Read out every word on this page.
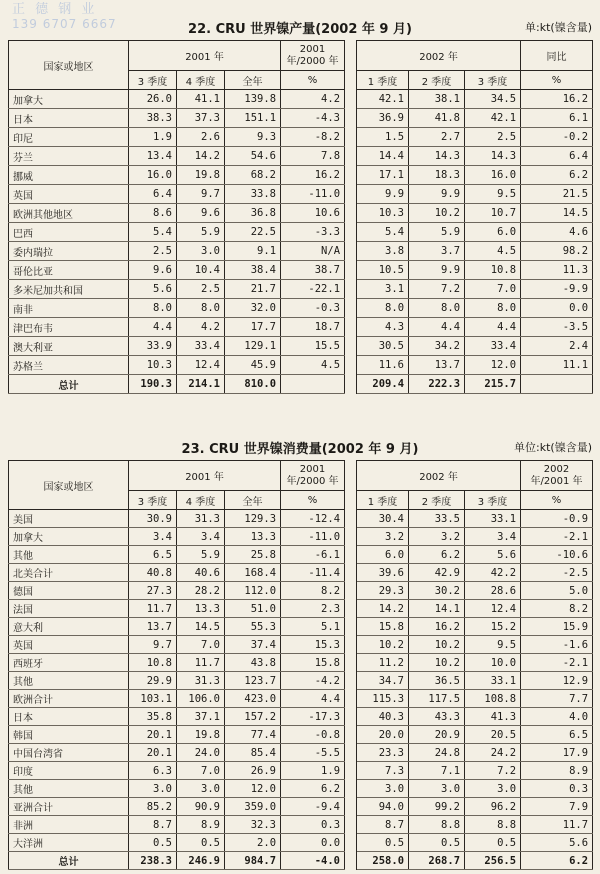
正 德 钢 业
139 6707 6667	22. CRU 世界镍产量(2002 年 9 月)	单:kt(镍含量)
国家或地区	2001 年			2001 年/2000 年		2002 年			同比
	3 季度	4 季度	全年	%		1 季度	2 季度	3 季度	%
加拿大	26.0	41.1	139.8	4.2		42.1	38.1	34.5	16.2
日本	38.3	37.3	151.1	-4.3		36.9	41.8	42.1	6.1
印尼	1.9	2.6	9.3	-8.2		1.5	2.7	2.5	-0.2
芬兰	13.4	14.2	54.6	7.8		14.4	14.3	14.3	6.4
挪威	16.0	19.8	68.2	16.2		17.1	18.3	16.0	6.2
英国	6.4	9.7	33.8	-11.0		9.9	9.9	9.5	21.5
欧洲其他地区	8.6	9.6	36.8	10.6		10.3	10.2	10.7	14.5
巴西	5.4	5.9	22.5	-3.3		5.4	5.9	6.0	4.6
委内瑞拉	2.5	3.0	9.1	N/A		3.8	3.7	4.5	98.2
哥伦比亚	9.6	10.4	38.4	38.7		10.5	9.9	10.8	11.3
多米尼加共和国	5.6	2.5	21.7	-22.1		3.1	7.2	7.0	-9.9
南非	8.0	8.0	32.0	-0.3		8.0	8.0	8.0	0.0
津巴布韦	4.4	4.2	17.7	18.7		4.3	4.4	4.4	-3.5
澳大利亚	33.9	33.4	129.1	15.5		30.5	34.2	33.4	2.4
苏格兰	10.3	12.4	45.9	4.5		11.6	13.7	12.0	11.1
总计	190.3	214.1	810.0			209.4	222.3	215.7	
23. CRU 世界镍消费量(2002 年 9 月)	单位:kt(镍含量)
国家或地区	2001 年			2001 年/2000 年		2002 年			2002 年/2001 年
	3 季度	4 季度	全年	%		1 季度	2 季度	3 季度	%
美国	30.9	31.3	129.3	-12.4		30.4	33.5	33.1	-0.9
加拿大	3.4	3.4	13.3	-11.0		3.2	3.2	3.4	-2.1
其他	6.5	5.9	25.8	-6.1		6.0	6.2	5.6	-10.6
北美合计	40.8	40.6	168.4	-11.4		39.6	42.9	42.2	-2.5
德国	27.3	28.2	112.0	8.2		29.3	30.2	28.6	5.0
法国	11.7	13.3	51.0	2.3		14.2	14.1	12.4	8.2
意大利	13.7	14.5	55.3	5.1		15.8	16.2	15.2	15.9
英国	9.7	7.0	37.4	15.3		10.2	10.2	9.5	-1.6
西班牙	10.8	11.7	43.8	15.8		11.2	10.2	10.0	-2.1
其他	29.9	31.3	123.7	-4.2		34.7	36.5	33.1	12.9
欧洲合计	103.1	106.0	423.0	4.4		115.3	117.5	108.8	7.7
日本	35.8	37.1	157.2	-17.3		40.3	43.3	41.3	4.0
韩国	20.1	19.8	77.4	-0.8		20.0	20.9	20.5	6.5
中国台湾省	20.1	24.0	85.4	-5.5		23.3	24.8	24.2	17.9
印度	6.3	7.0	26.9	1.9		7.3	7.1	7.2	8.9
其他	3.0	3.0	12.0	6.2		3.0	3.0	3.0	0.3
亚洲合计	85.2	90.9	359.0	-9.4		94.0	99.2	96.2	7.9
非洲	8.7	8.9	32.3	0.3		8.7	8.8	8.8	11.7
大洋洲	0.5	0.5	2.0	0.0		0.5	0.5	0.5	5.6
总计	238.3	246.9	984.7	-4.0		258.0	268.7	256.5	6.2
